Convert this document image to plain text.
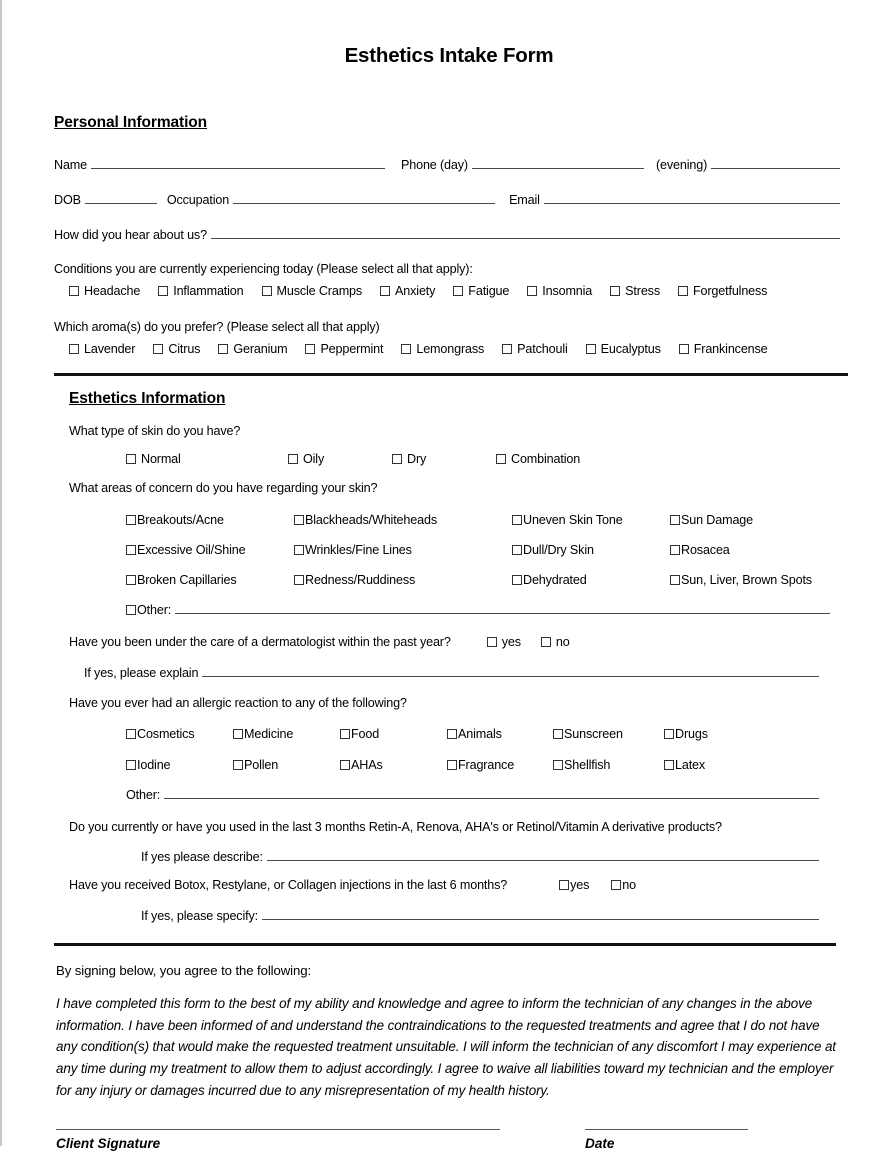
Esthetics Intake Form
Personal Information
Name	Phone (day)	(evening)
DOB	Occupation	Email
How did you hear about us?
Conditions you are currently experiencing today (Please select all that apply):
Headache	Inflammation	Muscle Cramps	Anxiety	Fatigue	Insomnia	Stress	Forgetfulness
Which aroma(s) do you prefer? (Please select all that apply)
Lavender	Citrus	Geranium	Peppermint	Lemongrass	Patchouli	Eucalyptus	Frankincense
Esthetics Information
What type of skin do you have?
Normal	Oily	Dry	Combination
What areas of concern do you have regarding your skin?
Breakouts/Acne	Blackheads/Whiteheads	Uneven Skin Tone	Sun Damage
Excessive Oil/Shine	Wrinkles/Fine Lines	Dull/Dry Skin	Rosacea
Broken Capillaries	Redness/Ruddiness	Dehydrated	Sun, Liver, Brown Spots
Other:
Have you been under the care of a dermatologist within the past year?	yes	no
If yes, please explain
Have you ever had an allergic reaction to any of the following?
Cosmetics	Medicine	Food	Animals	Sunscreen	Drugs
Iodine	Pollen	AHAs	Fragrance	Shellfish	Latex
Other:
Do you currently or have you used in the last 3 months Retin-A, Renova, AHA's or Retinol/Vitamin A derivative products?
If yes please describe:
Have you received Botox, Restylane, or Collagen injections in the last 6 months?	yes	no
If yes, please specify:
By signing below, you agree to the following:
I have completed this form to the best of my ability and knowledge and agree to inform the technician of any changes in the above information. I have been informed of and understand the contraindications to the requested treatments and agree that I do not have any condition(s) that would make the requested treatment unsuitable. I will inform the technician of any discomfort I may experience at any time during my treatment to allow them to adjust accordingly. I agree to waive all liabilities toward my technician and the employer for any injury or damages incurred due to any misrepresentation of my health history.
Client Signature	Date
